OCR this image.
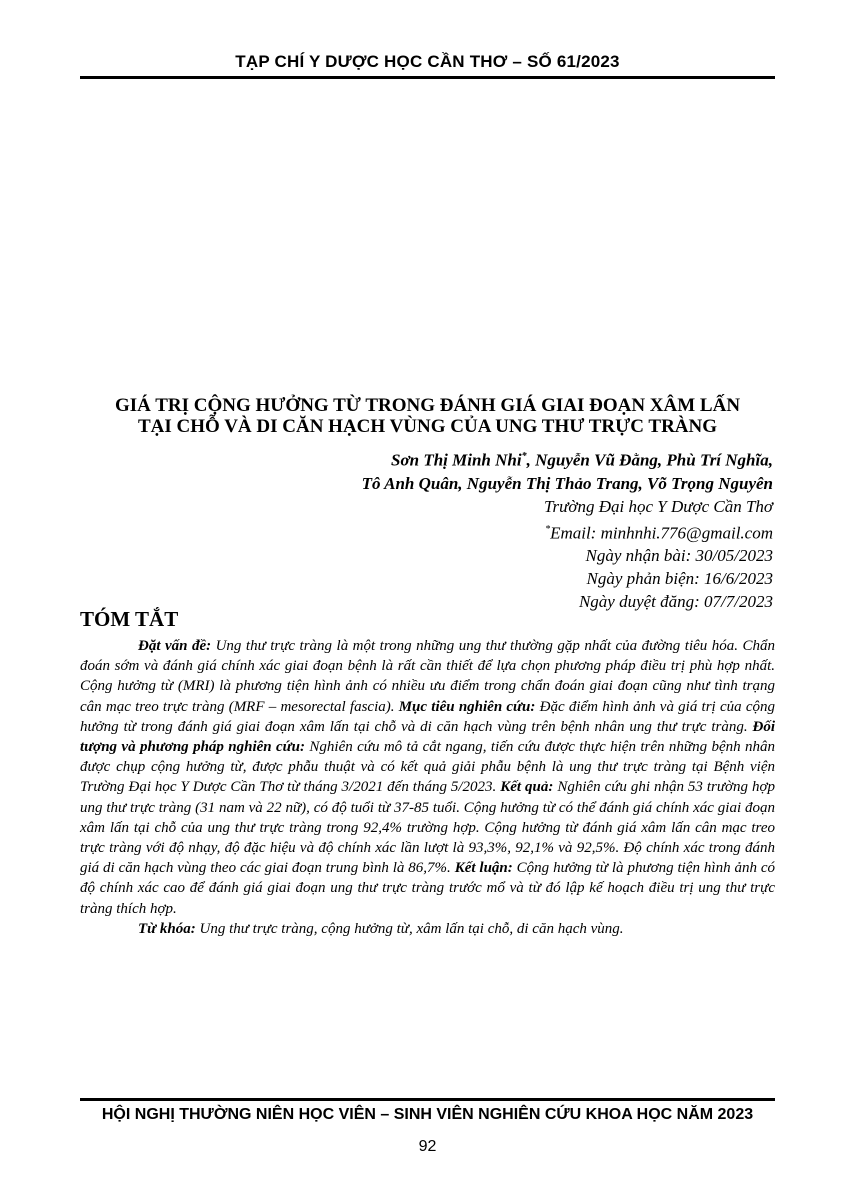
TẠP CHÍ Y DƯỢC HỌC CẦN THƠ – SỐ 61/2023
GIÁ TRỊ CỘNG HƯỞNG TỪ TRONG ĐÁNH GIÁ GIAI ĐOẠN XÂM LẤN
TẠI CHỖ VÀ DI CĂN HẠCH VÙNG CỦA UNG THƯ TRỰC TRÀNG
Sơn Thị Minh Nhi*, Nguyễn Vũ Đằng, Phù Trí Nghĩa,
Tô Anh Quân, Nguyễn Thị Thảo Trang, Võ Trọng Nguyên
Trường Đại học Y Dược Cần Thơ
*Email: minhnhi.776@gmail.com
Ngày nhận bài: 30/05/2023
Ngày phản biện: 16/6/2023
Ngày duyệt đăng: 07/7/2023
TÓM TẮT

Đặt vấn đề: Ung thư trực tràng là một trong những ung thư thường gặp nhất của đường tiêu hóa. Chẩn đoán sớm và đánh giá chính xác giai đoạn bệnh là rất cần thiết để lựa chọn phương pháp điều trị phù hợp nhất. Cộng hưởng từ (MRI) là phương tiện hình ảnh có nhiều ưu điểm trong chẩn đoán giai đoạn cũng như tình trạng cân mạc treo trực tràng (MRF – mesorectal fascia). Mục tiêu nghiên cứu: Đặc điểm hình ảnh và giá trị của cộng hưởng từ trong đánh giá giai đoạn xâm lấn tại chỗ và di căn hạch vùng trên bệnh nhân ung thư trực tràng. Đối tượng và phương pháp nghiên cứu: Nghiên cứu mô tả cắt ngang, tiến cứu được thực hiện trên những bệnh nhân được chụp cộng hưởng từ, được phẫu thuật và có kết quả giải phẫu bệnh là ung thư trực tràng tại Bệnh viện Trường Đại học Y Dược Cần Thơ từ tháng 3/2021 đến tháng 5/2023. Kết quả: Nghiên cứu ghi nhận 53 trường hợp ung thư trực tràng (31 nam và 22 nữ), có độ tuổi từ 37-85 tuổi. Cộng hưởng từ có thể đánh giá chính xác giai đoạn xâm lấn tại chỗ của ung thư trực tràng trong 92,4% trường hợp. Cộng hưởng từ đánh giá xâm lấn cân mạc treo trực tràng với độ nhạy, độ đặc hiệu và độ chính xác lần lượt là 93,3%, 92,1% và 92,5%. Độ chính xác trong đánh giá di căn hạch vùng theo các giai đoạn trung bình là 86,7%. Kết luận: Cộng hưởng từ là phương tiện hình ảnh có độ chính xác cao để đánh giá giai đoạn ung thư trực tràng trước mổ và từ đó lập kế hoạch điều trị ung thư trực tràng thích hợp.

Từ khóa: Ung thư trực tràng, cộng hưởng từ, xâm lấn tại chỗ, di căn hạch vùng.

HỘI NGHỊ THƯỜNG NIÊN HỌC VIÊN – SINH VIÊN NGHIÊN CỨU KHOA HỌC NĂM 2023
92
